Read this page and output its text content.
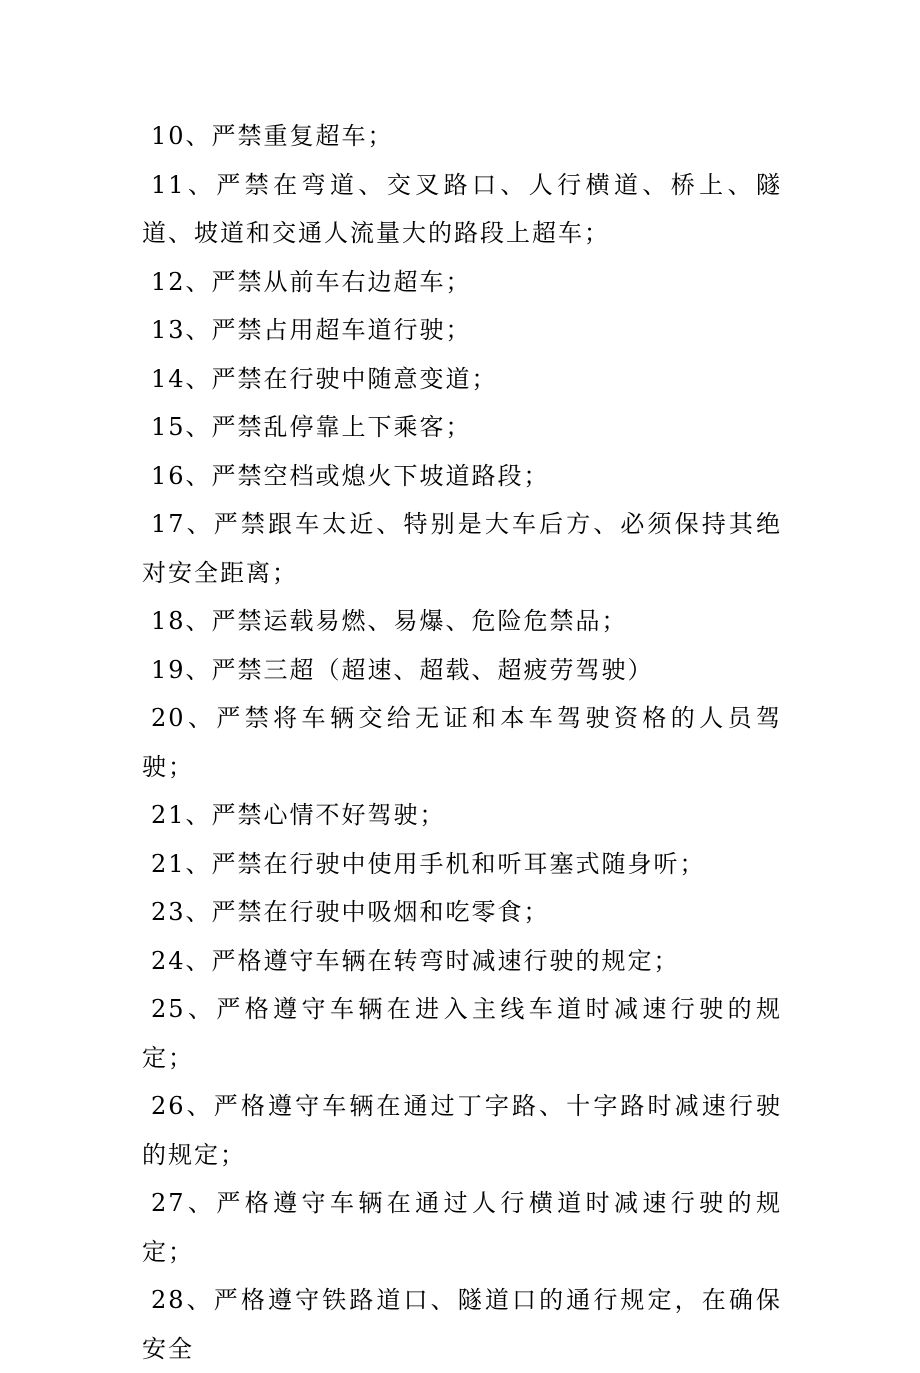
10、严禁重复超车；

11、严禁在弯道、交叉路口、人行横道、桥上、隧道、坡道和交通人流量大的路段上超车；

12、严禁从前车右边超车；

13、严禁占用超车道行驶；

14、严禁在行驶中随意变道；

15、严禁乱停靠上下乘客；

16、严禁空档或熄火下坡道路段；

17、严禁跟车太近、特别是大车后方、必须保持其绝对安全距离；

18、严禁运载易燃、易爆、危险危禁品；

19、严禁三超（超速、超载、超疲劳驾驶）

20、严禁将车辆交给无证和本车驾驶资格的人员驾驶；

21、严禁心情不好驾驶；

21、严禁在行驶中使用手机和听耳塞式随身听；

23、严禁在行驶中吸烟和吃零食；

24、严格遵守车辆在转弯时减速行驶的规定；

25、严格遵守车辆在进入主线车道时减速行驶的规定；

26、严格遵守车辆在通过丁字路、十字路时减速行驶的规定；

27、严格遵守车辆在通过人行横道时减速行驶的规定；

28、严格遵守铁路道口、隧道口的通行规定，在确保安全
